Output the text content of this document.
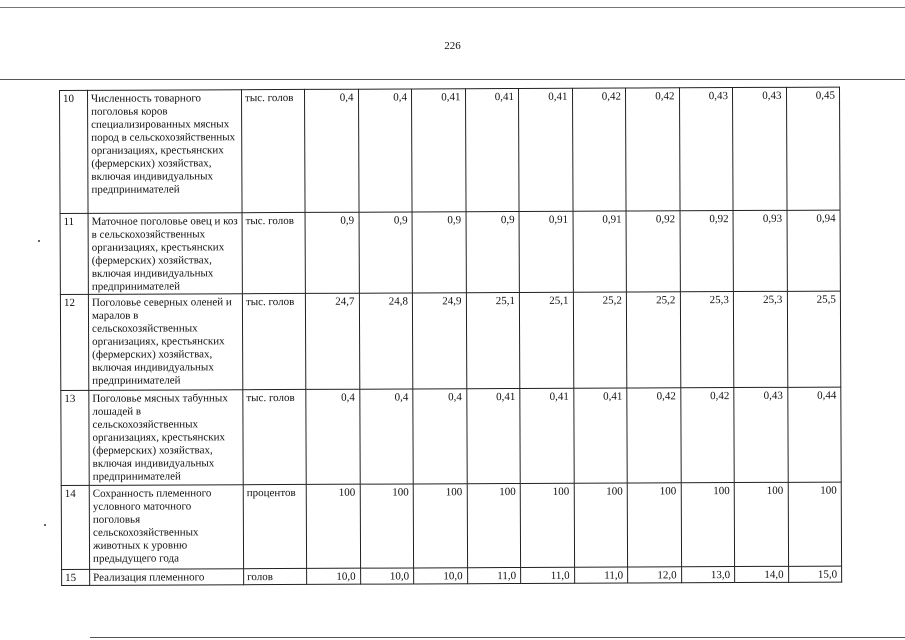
226
10	Численность товарного поголовья коров специализированных мясных пород в сельскохозяйственных организациях, крестьянских (фермерских) хозяйствах, включая индивидуальных предпринимателей	тыс. голов	0,4	0,4	0,41	0,41	0,41	0,42	0,42	0,43	0,43	0,45
11	Маточное поголовье овец и коз в сельскохозяйственных организациях, крестьянских (фермерских) хозяйствах, включая индивидуальных предпринимателей	тыс. голов	0,9	0,9	0,9	0,9	0,91	0,91	0,92	0,92	0,93	0,94
12	Поголовье северных оленей и маралов в сельскохозяйственных организациях, крестьянских (фермерских) хозяйствах, включая индивидуальных предпринимателей	тыс. голов	24,7	24,8	24,9	25,1	25,1	25,2	25,2	25,3	25,3	25,5
13	Поголовье мясных табунных лошадей в сельскохозяйственных организациях, крестьянских (фермерских) хозяйствах, включая индивидуальных предпринимателей	тыс. голов	0,4	0,4	0,4	0,41	0,41	0,41	0,42	0,42	0,43	0,44
14	Сохранность племенного условного маточного поголовья сельскохозяйственных животных к уровню предыдущего года	процентов	100	100	100	100	100	100	100	100	100	100
15	Реализация племенного	голов	10,0	10,0	10,0	11,0	11,0	11,0	12,0	13,0	14,0	15,0
